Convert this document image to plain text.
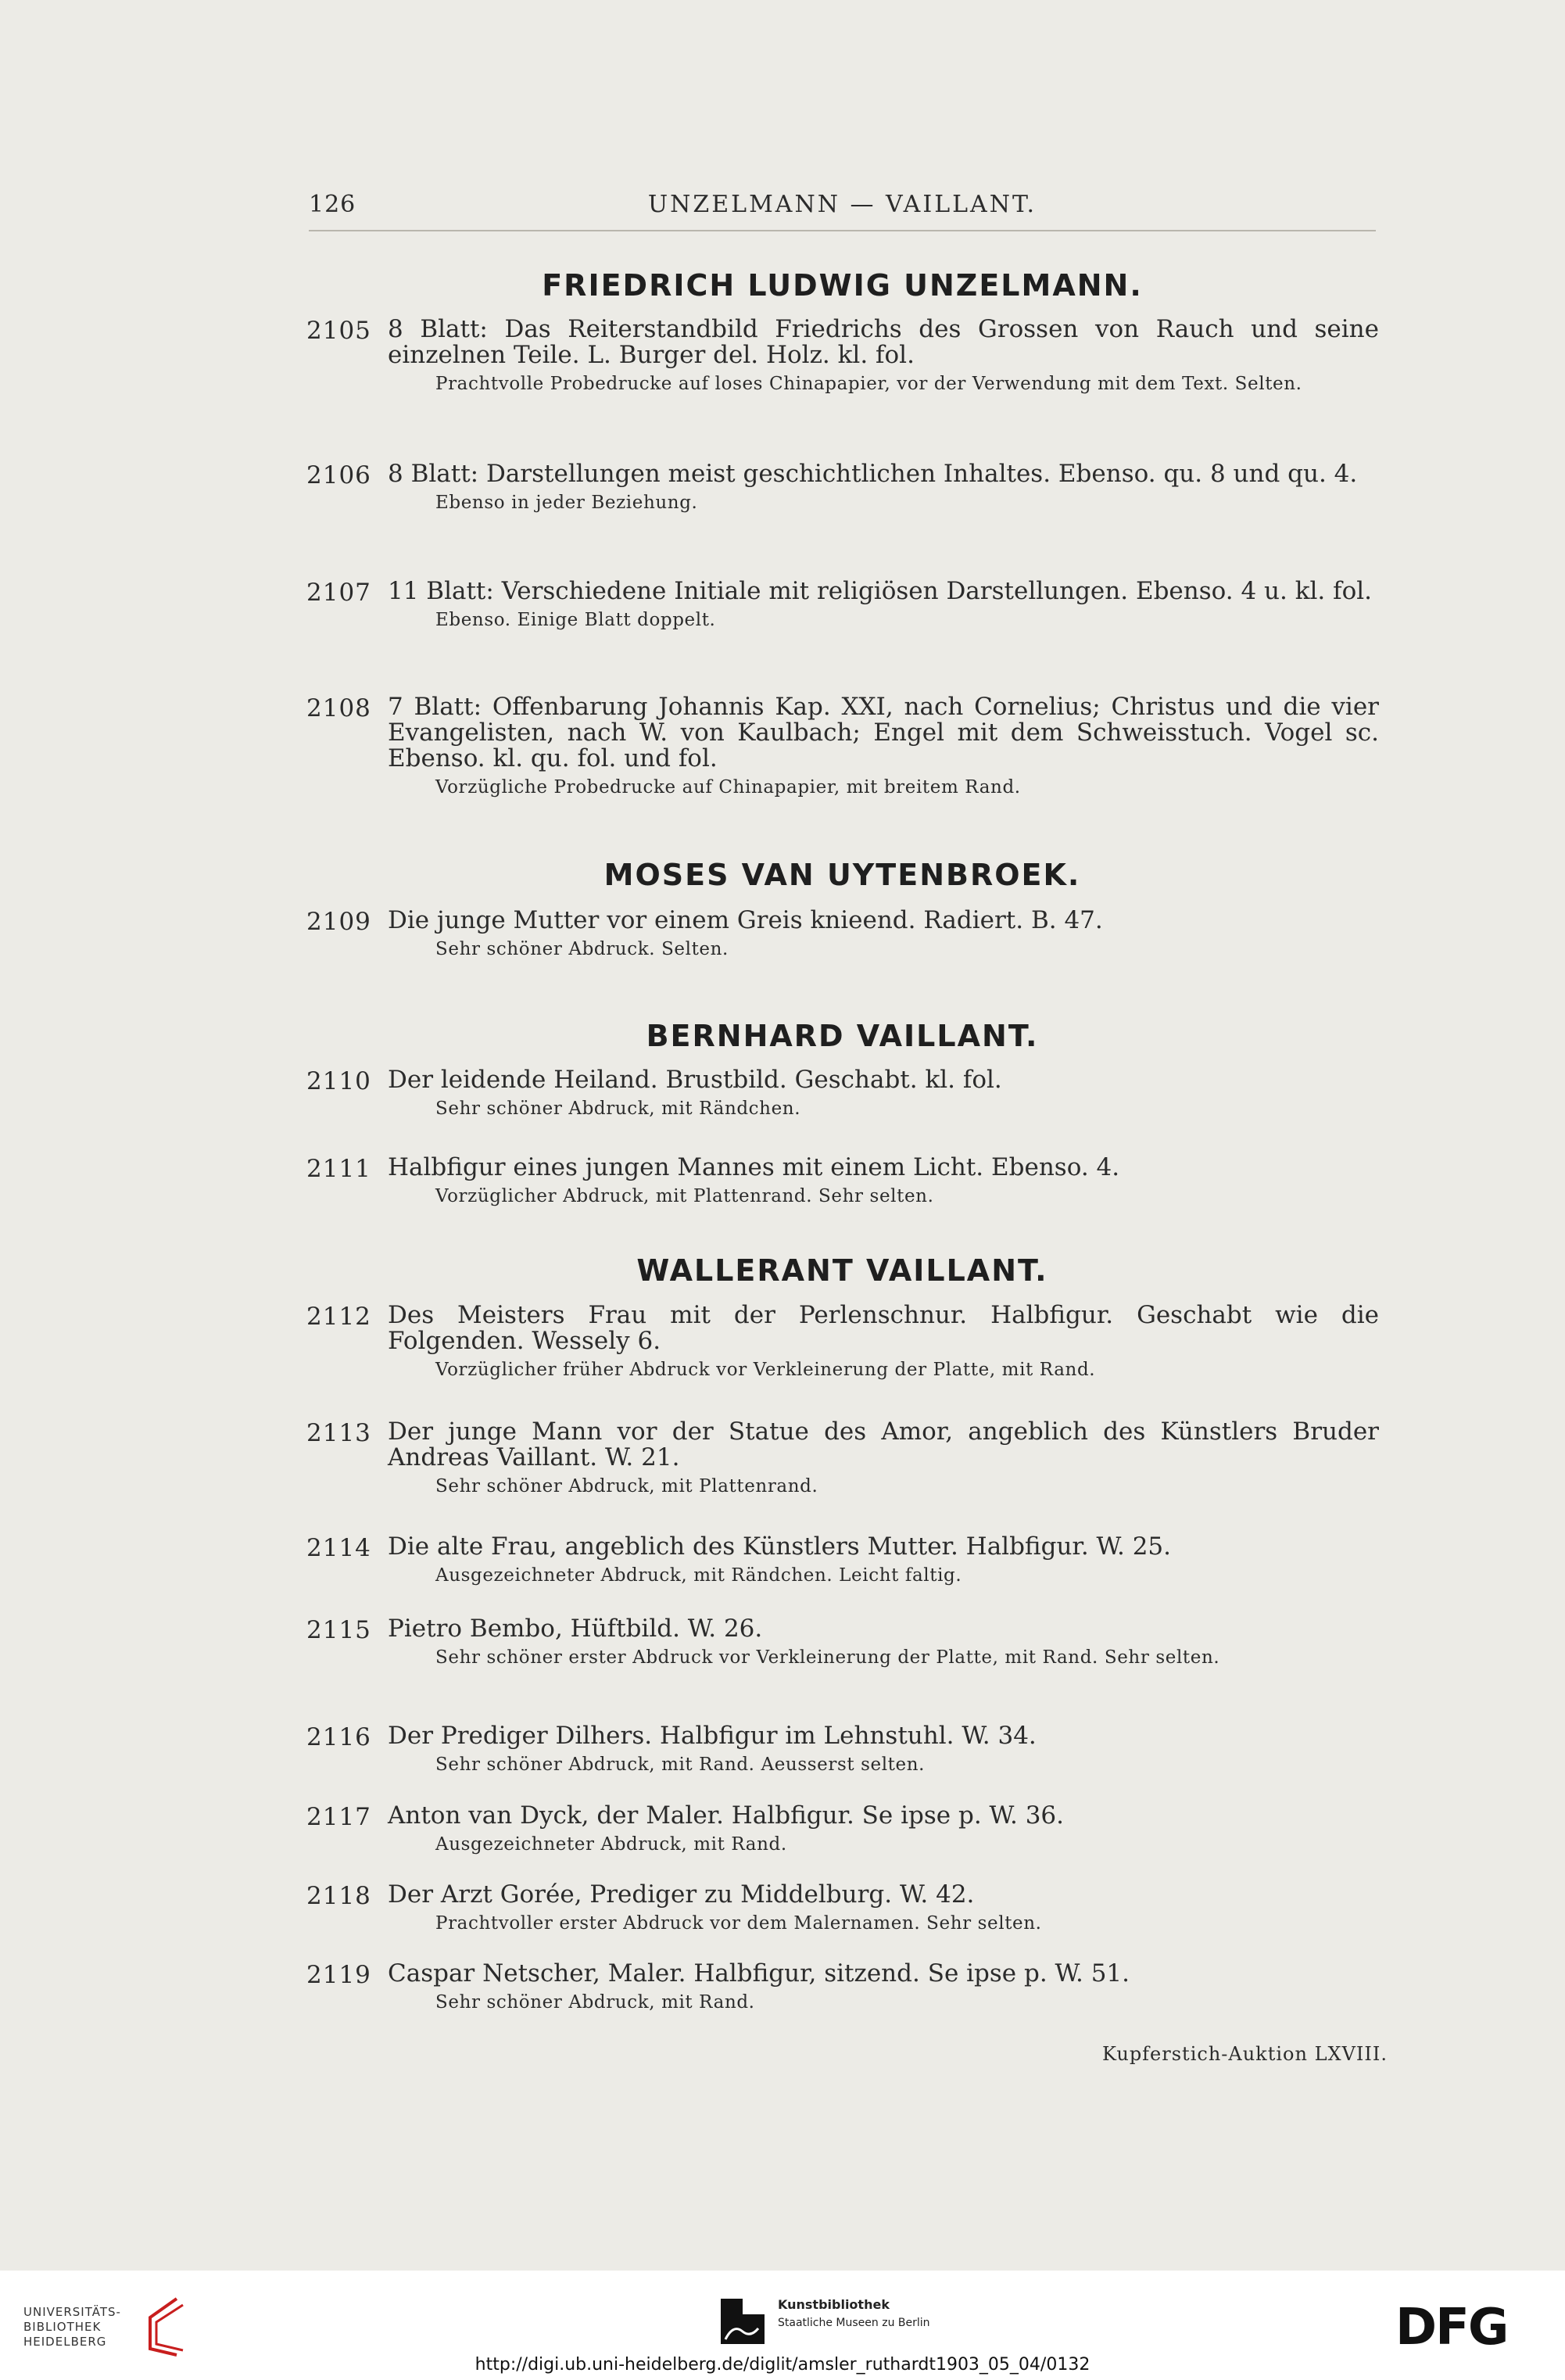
126	UNZELMANN — VAILLANT.
FRIEDRICH LUDWIG UNZELMANN.
2105 8 Blatt: Das Reiterstandbild Friedrichs des Grossen von Rauch und seine einzelnen Teile. L. Burger del. Holz. kl. fol.
Prachtvolle Probedrucke auf loses Chinapapier, vor der Verwendung mit dem Text. Selten.
2106 8 Blatt: Darstellungen meist geschichtlichen Inhaltes. Ebenso. qu. 8 und qu. 4.
Ebenso in jeder Beziehung.
2107 11 Blatt: Verschiedene Initiale mit religiösen Darstellungen. Ebenso. 4 u. kl. fol.
Ebenso. Einige Blatt doppelt.
2108 7 Blatt: Offenbarung Johannis Kap. XXI, nach Cornelius; Christus und die vier Evangelisten, nach W. von Kaulbach; Engel mit dem Schweisstuch. Vogel sc. Ebenso. kl. qu. fol. und fol.
Vorzügliche Probedrucke auf Chinapapier, mit breitem Rand.
MOSES VAN UYTENBROEK.
2109 Die junge Mutter vor einem Greis knieend. Radiert. B. 47.
Sehr schöner Abdruck. Selten.
BERNHARD VAILLANT.
2110 Der leidende Heiland. Brustbild. Geschabt. kl. fol.
Sehr schöner Abdruck, mit Rändchen.
2111 Halbfigur eines jungen Mannes mit einem Licht. Ebenso. 4.
Vorzüglicher Abdruck, mit Plattenrand. Sehr selten.
WALLERANT VAILLANT.
2112 Des Meisters Frau mit der Perlenschnur. Halbfigur. Geschabt wie die Folgenden. Wessely 6.
Vorzüglicher früher Abdruck vor Verkleinerung der Platte, mit Rand.
2113 Der junge Mann vor der Statue des Amor, angeblich des Künstlers Bruder Andreas Vaillant. W. 21.
Sehr schöner Abdruck, mit Plattenrand.
2114 Die alte Frau, angeblich des Künstlers Mutter. Halbfigur. W. 25.
Ausgezeichneter Abdruck, mit Rändchen. Leicht faltig.
2115 Pietro Bembo, Hüftbild. W. 26.
Sehr schöner erster Abdruck vor Verkleinerung der Platte, mit Rand. Sehr selten.
2116 Der Prediger Dilhers. Halbfigur im Lehnstuhl. W. 34.
Sehr schöner Abdruck, mit Rand. Aeusserst selten.
2117 Anton van Dyck, der Maler. Halbfigur. Se ipse p. W. 36.
Ausgezeichneter Abdruck, mit Rand.
2118 Der Arzt Gorée, Prediger zu Middelburg. W. 42.
Prachtvoller erster Abdruck vor dem Malernamen. Sehr selten.
2119 Caspar Netscher, Maler. Halbfigur, sitzend. Se ipse p. W. 51.
Sehr schöner Abdruck, mit Rand.
Kupferstich-Auktion LXVIII.
UNIVERSITÄTS-
BIBLIOTHEK
HEIDELBERG
Kunstbibliothek
Staatliche Museen zu Berlin	DFG
http://digi.ub.uni-heidelberg.de/diglit/amsler_ruthardt1903_05_04/0132
